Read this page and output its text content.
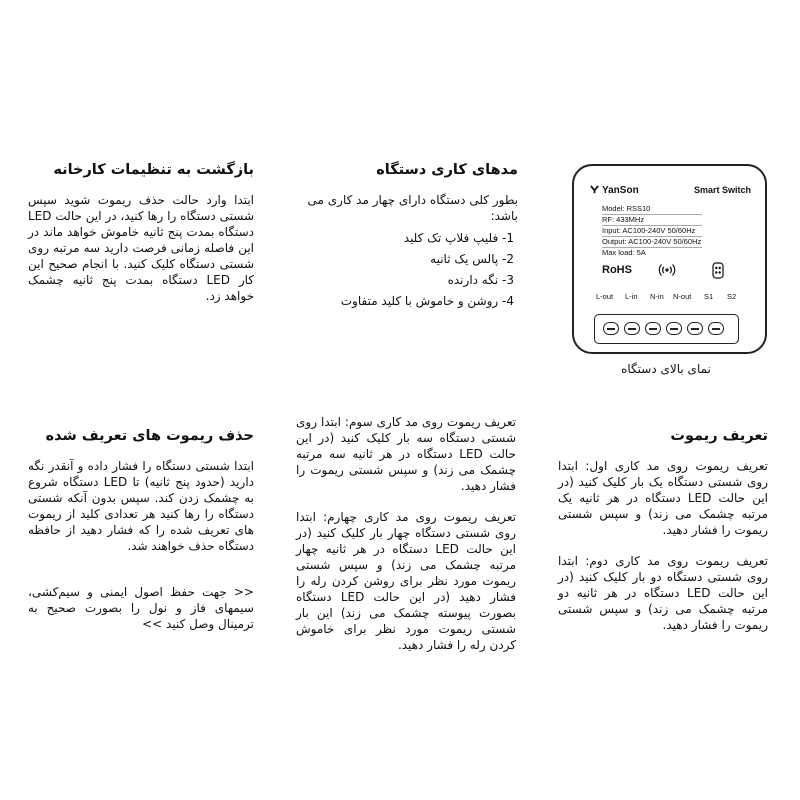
بازگشت به تنظیمات کارخانه

ابتدا وارد حالت حذف ریموت شوید سپس شستی دستگاه را رها کنید، در این حالت LED دستگاه بمدت پنج ثانیه خاموش خواهد ماند در این فاصله زمانی فرصت دارید سه مرتبه روی شستی دستگاه کلیک کنید. با انجام صحیح این کار LED دستگاه بمدت پنج ثانیه چشمک خواهد زد.

مدهای کاری دستگاه

بطور کلی دستگاه دارای چهار مد کاری می باشد:

1- فلیپ فلاپ تک کلید
2- پالس یک ثانیه
3- نگه دارنده
4- روشن و خاموش با کلید متفاوت
YanSon	Smart Switch
Model: RSS10
RF: 433MHz
Input: AC100-240V 50/60Hz
Output: AC100-240V 50/60Hz
Max load: 5A
RoHS
L-out L-in N-in N-out S1 S2
نمای بالای دستگاه
حذف ریموت های تعریف شده

ابتدا شستی دستگاه را فشار داده و آنقدر نگه دارید (حدود پنج ثانیه) تا LED دستگاه شروع به چشمک زدن کند. سپس بدون آنکه شستی دستگاه را رها کنید هر تعدادی کلید از ریموت های تعریف شده را که فشار دهید از حافظه دستگاه حذف خواهند شد.

<< جهت حفظ اصول ایمنی و سیم‌کشی، سیمهای فاز و نول را بصورت صحیح به ترمینال وصل کنید >>

تعریف ریموت روی مد کاری سوم: ابتدا روی شستی دستگاه سه بار کلیک کنید (در این حالت LED دستگاه در هر ثانیه سه مرتبه چشمک می زند) و سپس شستی ریموت را فشار دهید.

تعریف ریموت روی مد کاری چهارم: ابتدا روی شستی دستگاه چهار بار کلیک کنید (در این حالت LED دستگاه در هر ثانیه چهار مرتبه چشمک می زند) و سپس شستی ریموت مورد نظر برای روشن کردن رله را فشار دهید (در این حالت LED دستگاه بصورت پیوسته چشمک می زند) این بار شستی ریموت مورد نظر برای خاموش کردن رله را فشار دهید.

تعریف ریموت

تعریف ریموت روی مد کاری اول: ابتدا روی شستی دستگاه یک بار کلیک کنید (در این حالت LED دستگاه در هر ثانیه یک مرتبه چشمک می زند) و سپس شستی ریموت را فشار دهید.

تعریف ریموت روی مد کاری دوم: ابتدا روی شستی دستگاه دو بار کلیک کنید (در این حالت LED دستگاه در هر ثانیه دو مرتبه چشمک می زند) و سپس شستی ریموت را فشار دهید.
